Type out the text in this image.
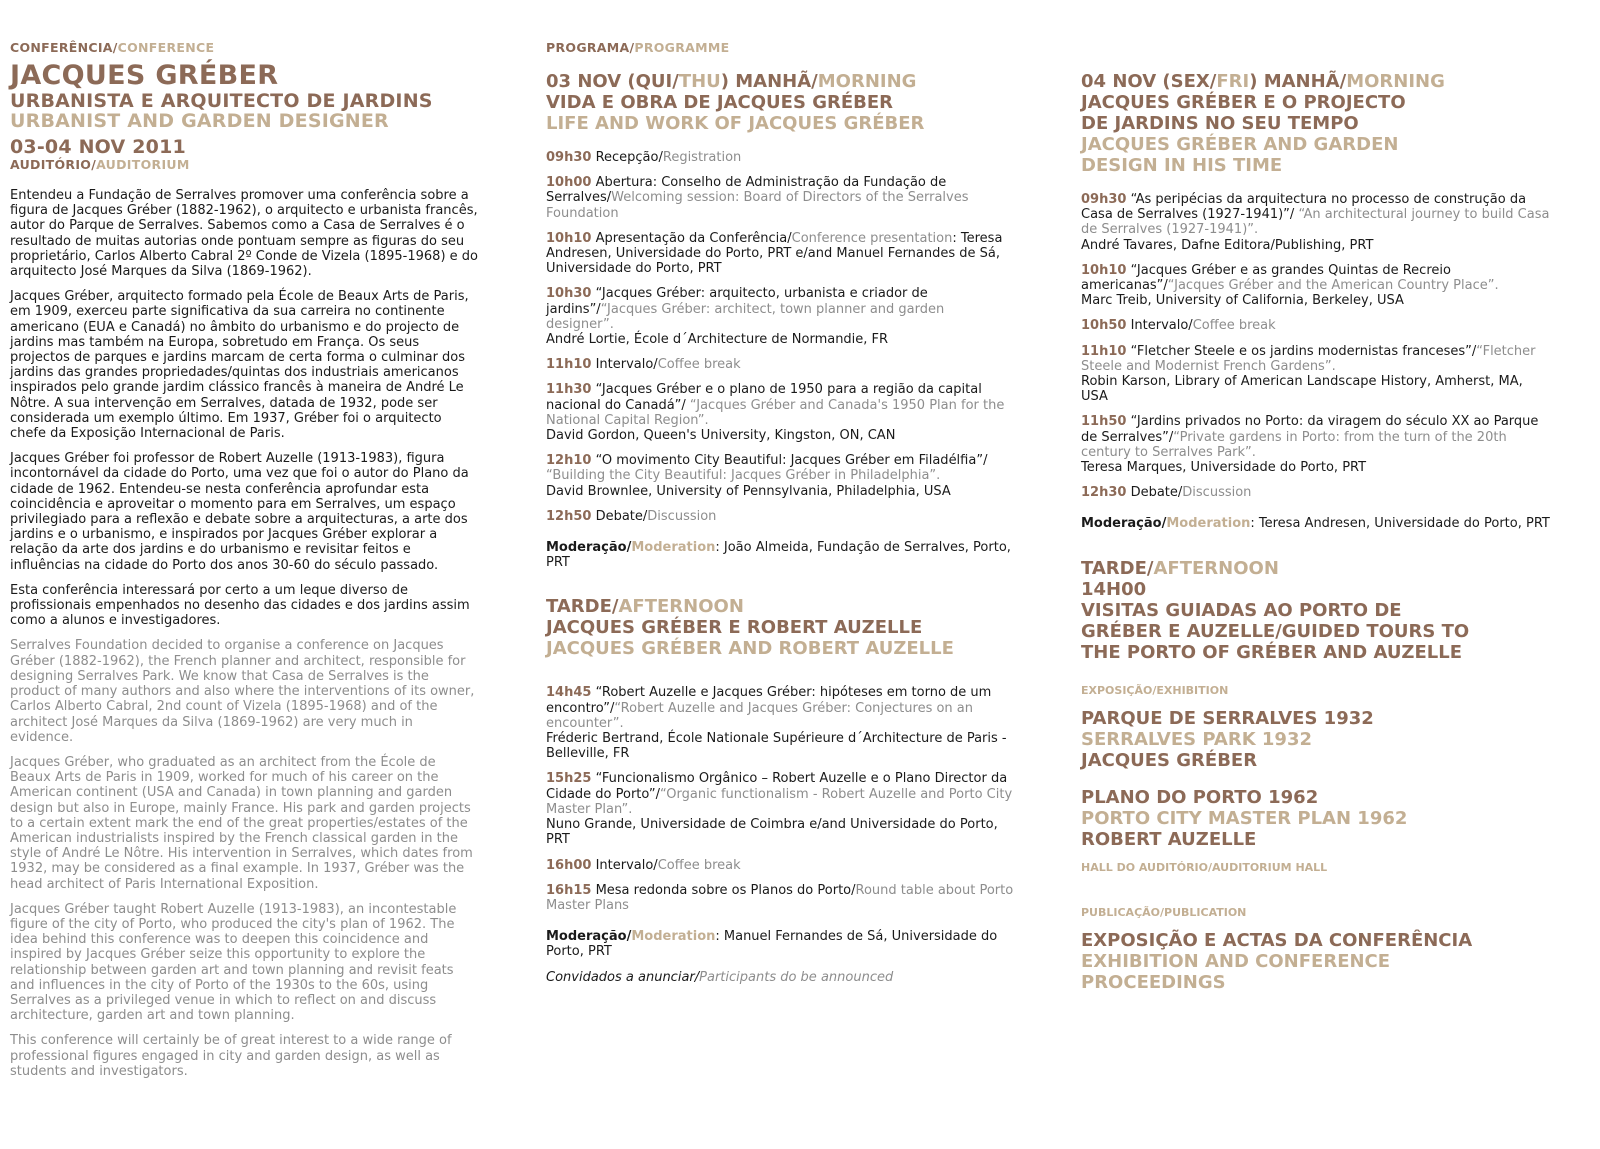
CONFERÊNCIA/CONFERENCE

JACQUES GRÉBER

URBANISTA E ARQUITECTO DE JARDINS

URBANIST AND GARDEN DESIGNER

03-04 NOV 2011

AUDITÓRIO/AUDITORIUM

Entendeu a Fundação de Serralves promover uma conferência sobre a figura de Jacques Gréber (1882-1962), o arquitecto e urbanista francês, autor do Parque de Serralves. Sabemos como a Casa de Serralves é o resultado de muitas autorias onde pontuam sempre as figuras do seu proprietário, Carlos Alberto Cabral 2º Conde de Vizela (1895-1968) e do arquitecto José Marques da Silva (1869-1962).

Jacques Gréber, arquitecto formado pela École de Beaux Arts de Paris, em 1909, exerceu parte significativa da sua carreira no continente americano (EUA e Canadá) no âmbito do urbanismo e do projecto de jardins mas também na Europa, sobretudo em França. Os seus projectos de parques e jardins marcam de certa forma o culminar dos jardins das grandes propriedades/quintas dos industriais americanos inspirados pelo grande jardim clássico francês à maneira de André Le Nôtre. A sua intervenção em Serralves, datada de 1932, pode ser considerada um exemplo último. Em 1937, Gréber foi o arquitecto chefe da Exposição Internacional de Paris.

Jacques Gréber foi professor de Robert Auzelle (1913-1983), figura incontornável da cidade do Porto, uma vez que foi o autor do Plano da cidade de 1962. Entendeu-se nesta conferência aprofundar esta coincidência e aproveitar o momento para em Serralves, um espaço privilegiado para a reflexão e debate sobre a arquitecturas, a arte dos jardins e o urbanismo, e inspirados por Jacques Gréber explorar a relação da arte dos jardins e do urbanismo e revisitar feitos e influências na cidade do Porto dos anos 30-60 do século passado.

Esta conferência interessará por certo a um leque diverso de profissionais empenhados no desenho das cidades e dos jardins assim como a alunos e investigadores.

Serralves Foundation decided to organise a conference on Jacques Gréber (1882-1962), the French planner and architect, responsible for designing Serralves Park. We know that Casa de Serralves is the product of many authors and also where the interventions of its owner, Carlos Alberto Cabral, 2nd count of Vizela (1895-1968) and of the architect José Marques da Silva (1869-1962) are very much in evidence.

Jacques Gréber, who graduated as an architect from the École de Beaux Arts de Paris in 1909, worked for much of his career on the American continent (USA and Canada) in town planning and garden design but also in Europe, mainly France. His park and garden projects to a certain extent mark the end of the great properties/estates of the American industrialists inspired by the French classical garden in the style of André Le Nôtre. His intervention in Serralves, which dates from 1932, may be considered as a final example. In 1937, Gréber was the head architect of Paris International Exposition.

Jacques Gréber taught Robert Auzelle (1913-1983), an incontestable figure of the city of Porto, who produced the city's plan of 1962. The idea behind this conference was to deepen this coincidence and inspired by Jacques Gréber seize this opportunity to explore the relationship between garden art and town planning and revisit feats and influences in the city of Porto of the 1930s to the 60s, using Serralves as a privileged venue in which to reflect on and discuss architecture, garden art and town planning.

This conference will certainly be of great interest to a wide range of professional figures engaged in city and garden design, as well as students and investigators.

PROGRAMA/PROGRAMME

03 NOV (QUI/THU) MANHÃ/MORNING

VIDA E OBRA DE JACQUES GRÉBER

LIFE AND WORK OF JACQUES GRÉBER

09h30 Recepção/Registration

10h00 Abertura: Conselho de Administração da Fundação de Serralves/Welcoming session: Board of Directors of the Serralves Foundation

10h10 Apresentação da Conferência/Conference presentation: Teresa Andresen, Universidade do Porto, PRT e/and Manuel Fernandes de Sá, Universidade do Porto, PRT

10h30 “Jacques Gréber: arquitecto, urbanista e criador de jardins”/“Jacques Gréber: architect, town planner and garden designer”.
André Lortie, École d´Architecture de Normandie, FR

11h10 Intervalo/Coffee break

11h30 “Jacques Gréber e o plano de 1950 para a região da capital nacional do Canadá”/ “Jacques Gréber and Canada's 1950 Plan for the National Capital Region”.
David Gordon, Queen's University, Kingston, ON, CAN

12h10 “O movimento City Beautiful: Jacques Gréber em Filadélfia”/ “Building the City Beautiful: Jacques Gréber in Philadelphia”.
David Brownlee, University of Pennsylvania, Philadelphia, USA

12h50 Debate/Discussion

Moderação/Moderation: João Almeida, Fundação de Serralves, Porto, PRT

TARDE/AFTERNOON

JACQUES GRÉBER E ROBERT AUZELLE

JACQUES GRÉBER AND ROBERT AUZELLE

14h45 “Robert Auzelle e Jacques Gréber: hipóteses em torno de um encontro”/“Robert Auzelle and Jacques Gréber: Conjectures on an encounter”.
Fréderic Bertrand, École Nationale Supérieure d´Architecture de Paris - Belleville, FR

15h25 “Funcionalismo Orgânico – Robert Auzelle e o Plano Director da Cidade do Porto”/“Organic functionalism - Robert Auzelle and Porto City Master Plan”.
Nuno Grande, Universidade de Coimbra e/and Universidade do Porto, PRT

16h00 Intervalo/Coffee break

16h15 Mesa redonda sobre os Planos do Porto/Round table about Porto Master Plans

Moderação/Moderation: Manuel Fernandes de Sá, Universidade do Porto, PRT

Convidados a anunciar/Participants do be announced

04 NOV (SEX/FRI) MANHÃ/MORNING

JACQUES GRÉBER E O PROJECTO

DE JARDINS NO SEU TEMPO

JACQUES GRÉBER AND GARDEN

DESIGN IN HIS TIME

09h30 “As peripécias da arquitectura no processo de construção da Casa de Serralves (1927-1941)”/ “An architectural journey to build Casa de Serralves (1927-1941)”.
André Tavares, Dafne Editora/Publishing, PRT

10h10 “Jacques Gréber e as grandes Quintas de Recreio americanas”/“Jacques Gréber and the American Country Place”.
Marc Treib, University of California, Berkeley, USA

10h50 Intervalo/Coffee break

11h10 “Fletcher Steele e os jardins modernistas franceses”/“Fletcher Steele and Modernist French Gardens”.
Robin Karson, Library of American Landscape History, Amherst, MA, USA

11h50 “Jardins privados no Porto: da viragem do século XX ao Parque de Serralves”/“Private gardens in Porto: from the turn of the 20th century to Serralves Park”.
Teresa Marques, Universidade do Porto, PRT

12h30 Debate/Discussion

Moderação/Moderation: Teresa Andresen, Universidade do Porto, PRT

TARDE/AFTERNOON

14H00

VISITAS GUIADAS AO PORTO DE

GRÉBER E AUZELLE/GUIDED TOURS TO

THE PORTO OF GRÉBER AND AUZELLE

EXPOSIÇÃO/EXHIBITION

PARQUE DE SERRALVES 1932

SERRALVES PARK 1932

JACQUES GRÉBER

PLANO DO PORTO 1962

PORTO CITY MASTER PLAN 1962

ROBERT AUZELLE

HALL DO AUDITÓRIO/AUDITORIUM HALL

PUBLICAÇÃO/PUBLICATION

EXPOSIÇÃO E ACTAS DA CONFERÊNCIA

EXHIBITION AND CONFERENCE

PROCEEDINGS
